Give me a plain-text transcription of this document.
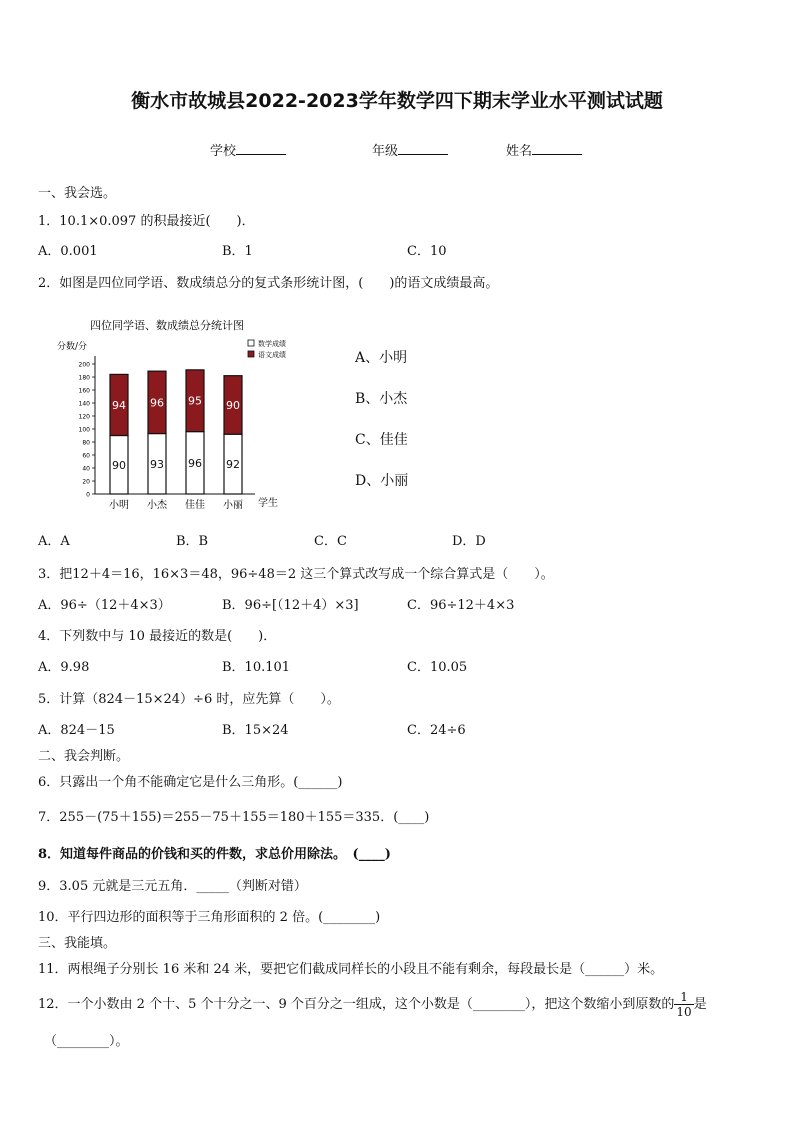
衡水市故城县2022-2023学年数学四下期末学业水平测试试题
学校	年级	姓名
一、我会选。
1．10.1×0.097 的积最接近(　　)．
A．0.001	B．1	C．10
2．如图是四位同学语、数成绩总分的复式条形统计图，(　　)的语文成绩最高。
四位同学语、数成绩总分统计图
分数/分
学生
0
20
40
60
80
100
120
140
160
180
200
90
94
小明
93
96
小杰
96
95
佳佳
92
90
小丽
数学成绩
语文成绩	A、小明
B、小杰
C、佳佳
D、小丽
A．A	B．B	C．C	D．D
3．把12＋4＝16，16×3＝48，96÷48＝2 这三个算式改写成一个综合算式是（　　）。
A．96÷（12＋4×3）	B．96÷[（12＋4）×3]	C．96÷12＋4×3
4．下列数中与 10 最接近的数是(　　)．
A．9.98	B．10.101	C．10.05
5．计算（824－15×24）÷6 时，应先算（　　）。
A．824－15	B．15×24	C．24÷6
二、我会判断。
6．只露出一个角不能确定它是什么三角形。(______)
7．255－(75＋155)＝255－75＋155＝180＋155＝335．(____)
8．知道每件商品的价钱和买的件数，求总价用除法。　(____)
9．3.05 元就是三元五角．_____（判断对错）
10．平行四边形的面积等于三角形面积的 2 倍。(________)
三、我能填。
11．两根绳子分别长 16 米和 24 米，要把它们截成同样长的小段且不能有剩余，每段最长是（______）米。
12．一个小数由 2 个十、5 个十分之一、9 个百分之一组成，这个小数是（________），把这个数缩小到原数的 $\frac{1}{10}$ 是
（________）。
